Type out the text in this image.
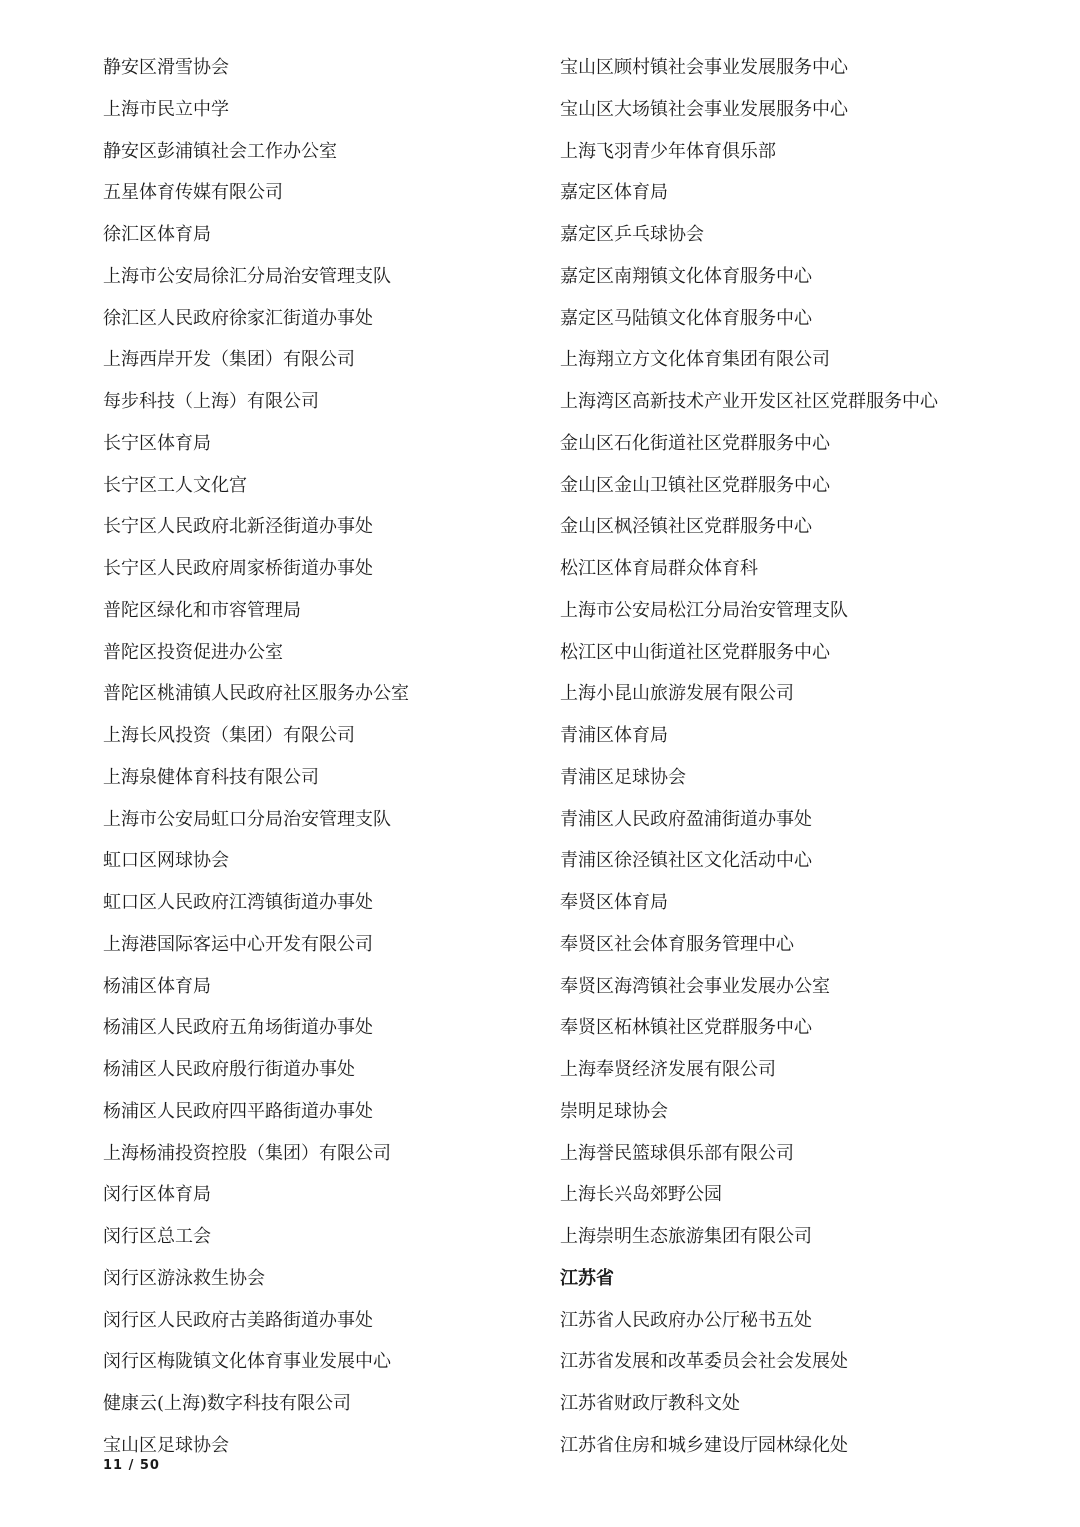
静安区滑雪协会
上海市民立中学
静安区彭浦镇社会工作办公室
五星体育传媒有限公司
徐汇区体育局
上海市公安局徐汇分局治安管理支队
徐汇区人民政府徐家汇街道办事处
上海西岸开发（集团）有限公司
每步科技（上海）有限公司
长宁区体育局
长宁区工人文化宫
长宁区人民政府北新泾街道办事处
长宁区人民政府周家桥街道办事处
普陀区绿化和市容管理局
普陀区投资促进办公室
普陀区桃浦镇人民政府社区服务办公室
上海长风投资（集团）有限公司
上海泉健体育科技有限公司
上海市公安局虹口分局治安管理支队
虹口区网球协会
虹口区人民政府江湾镇街道办事处
上海港国际客运中心开发有限公司
杨浦区体育局
杨浦区人民政府五角场街道办事处
杨浦区人民政府殷行街道办事处
杨浦区人民政府四平路街道办事处
上海杨浦投资控股（集团）有限公司
闵行区体育局
闵行区总工会
闵行区游泳救生协会
闵行区人民政府古美路街道办事处
闵行区梅陇镇文化体育事业发展中心
健康云(上海)数字科技有限公司
宝山区足球协会
宝山区顾村镇社会事业发展服务中心
宝山区大场镇社会事业发展服务中心
上海飞羽青少年体育俱乐部
嘉定区体育局
嘉定区乒乓球协会
嘉定区南翔镇文化体育服务中心
嘉定区马陆镇文化体育服务中心
上海翔立方文化体育集团有限公司
上海湾区高新技术产业开发区社区党群服务中心
金山区石化街道社区党群服务中心
金山区金山卫镇社区党群服务中心
金山区枫泾镇社区党群服务中心
松江区体育局群众体育科
上海市公安局松江分局治安管理支队
松江区中山街道社区党群服务中心
上海小昆山旅游发展有限公司
青浦区体育局
青浦区足球协会
青浦区人民政府盈浦街道办事处
青浦区徐泾镇社区文化活动中心
奉贤区体育局
奉贤区社会体育服务管理中心
奉贤区海湾镇社会事业发展办公室
奉贤区柘林镇社区党群服务中心
上海奉贤经济发展有限公司
崇明足球协会
上海誉民篮球俱乐部有限公司
上海长兴岛郊野公园
上海崇明生态旅游集团有限公司
江苏省
江苏省人民政府办公厅秘书五处
江苏省发展和改革委员会社会发展处
江苏省财政厅教科文处
江苏省住房和城乡建设厅园林绿化处
11 / 50
